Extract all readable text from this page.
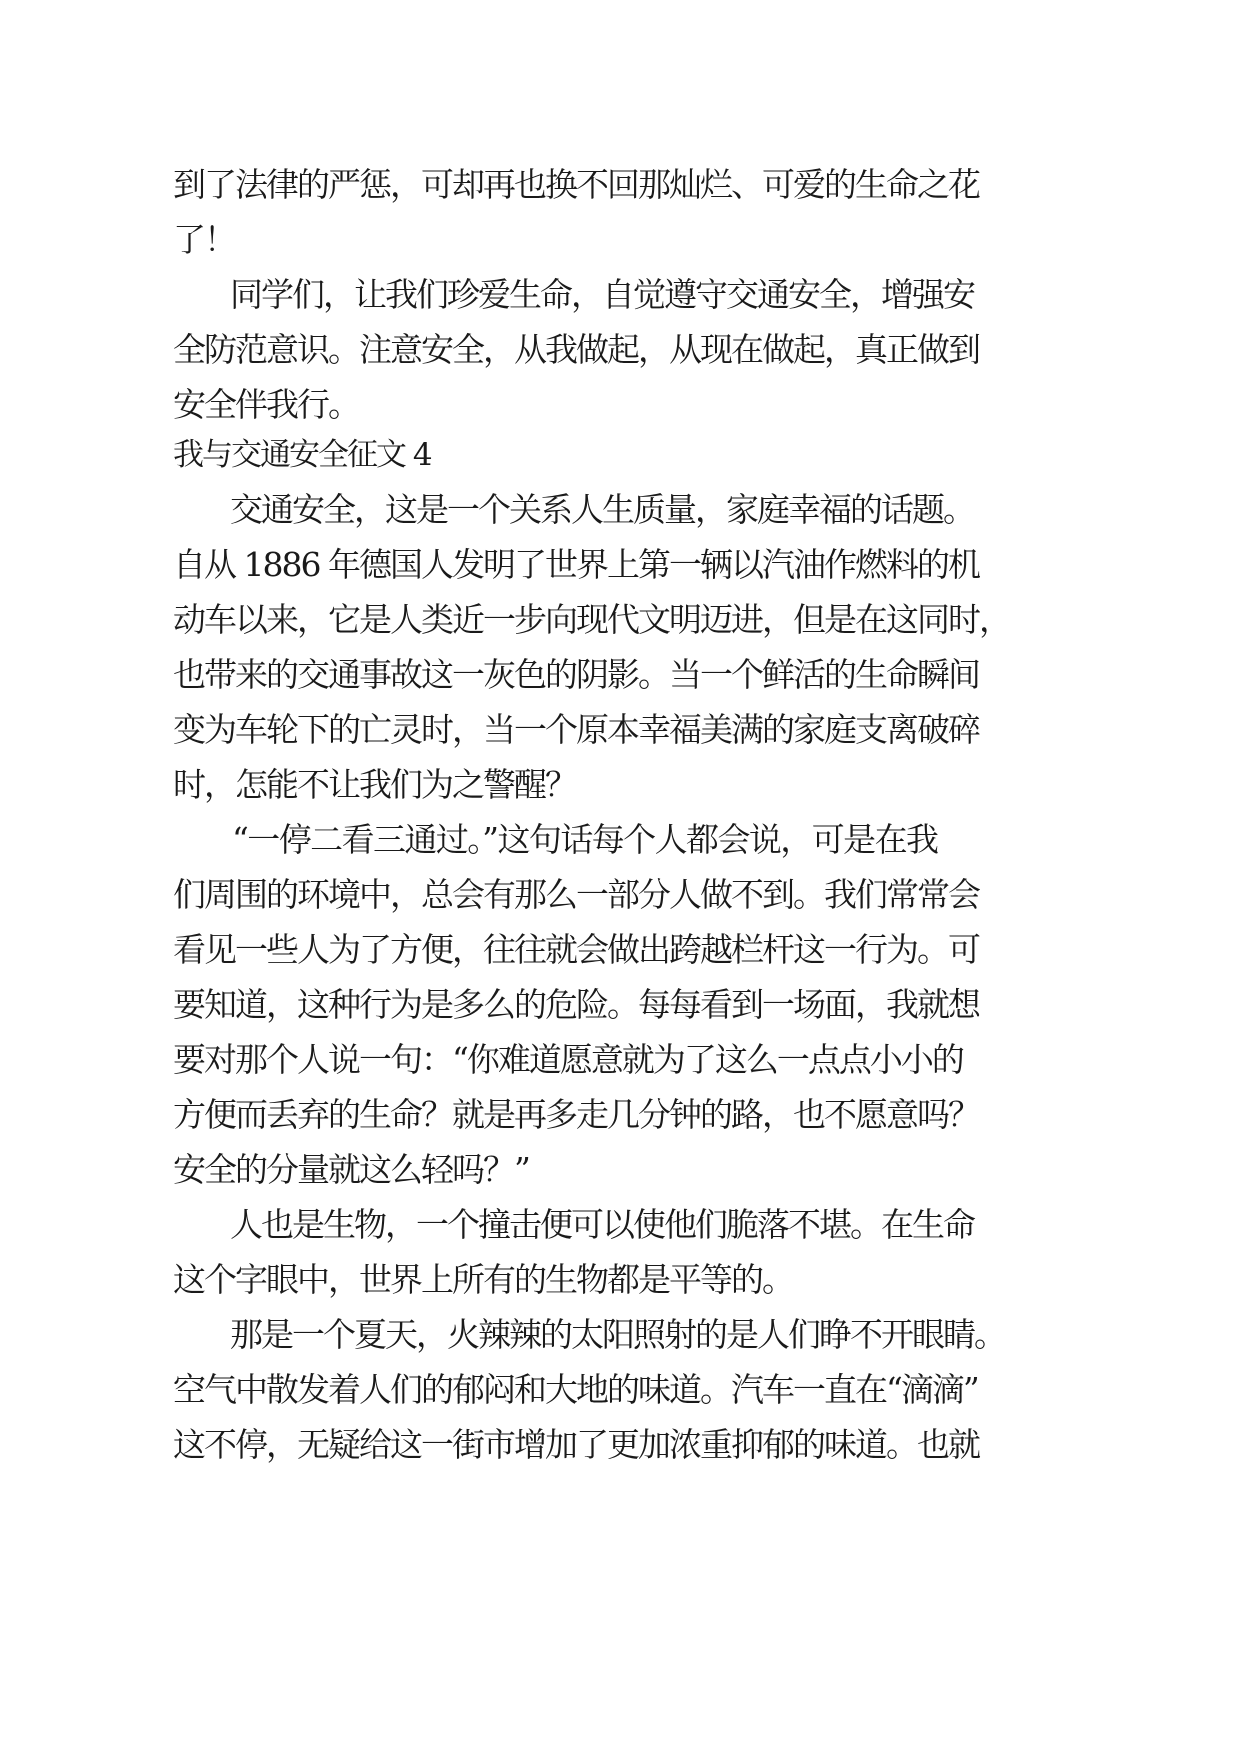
到了法律的严惩，可却再也换不回那灿烂、可爱的生命之花
了！
同学们，让我们珍爱生命，自觉遵守交通安全，增强安
全防范意识。注意安全，从我做起，从现在做起，真正做到
安全伴我行。
我与交通安全征文 4
交通安全，这是一个关系人生质量，家庭幸福的话题。
自从 1886 年德国人发明了世界上第一辆以汽油作燃料的机
动车以来，它是人类近一步向现代文明迈进，但是在这同时，
也带来的交通事故这一灰色的阴影。当一个鲜活的生命瞬间
变为车轮下的亡灵时，当一个原本幸福美满的家庭支离破碎
时，怎能不让我们为之警醒？
“一停二看三通过。”这句话每个人都会说，可是在我
们周围的环境中，总会有那么一部分人做不到。我们常常会
看见一些人为了方便，往往就会做出跨越栏杆这一行为。可
要知道，这种行为是多么的危险。每每看到一场面，我就想
要对那个人说一句：“你难道愿意就为了这么一点点小小的
方便而丢弃的生命？就是再多走几分钟的路，也不愿意吗？
安全的分量就这么轻吗？”
人也是生物，一个撞击便可以使他们脆落不堪。在生命
这个字眼中，世界上所有的生物都是平等的。
那是一个夏天，火辣辣的太阳照射的是人们睁不开眼睛。
空气中散发着人们的郁闷和大地的味道。汽车一直在“滴滴”
这不停，无疑给这一街市增加了更加浓重抑郁的味道。也就
